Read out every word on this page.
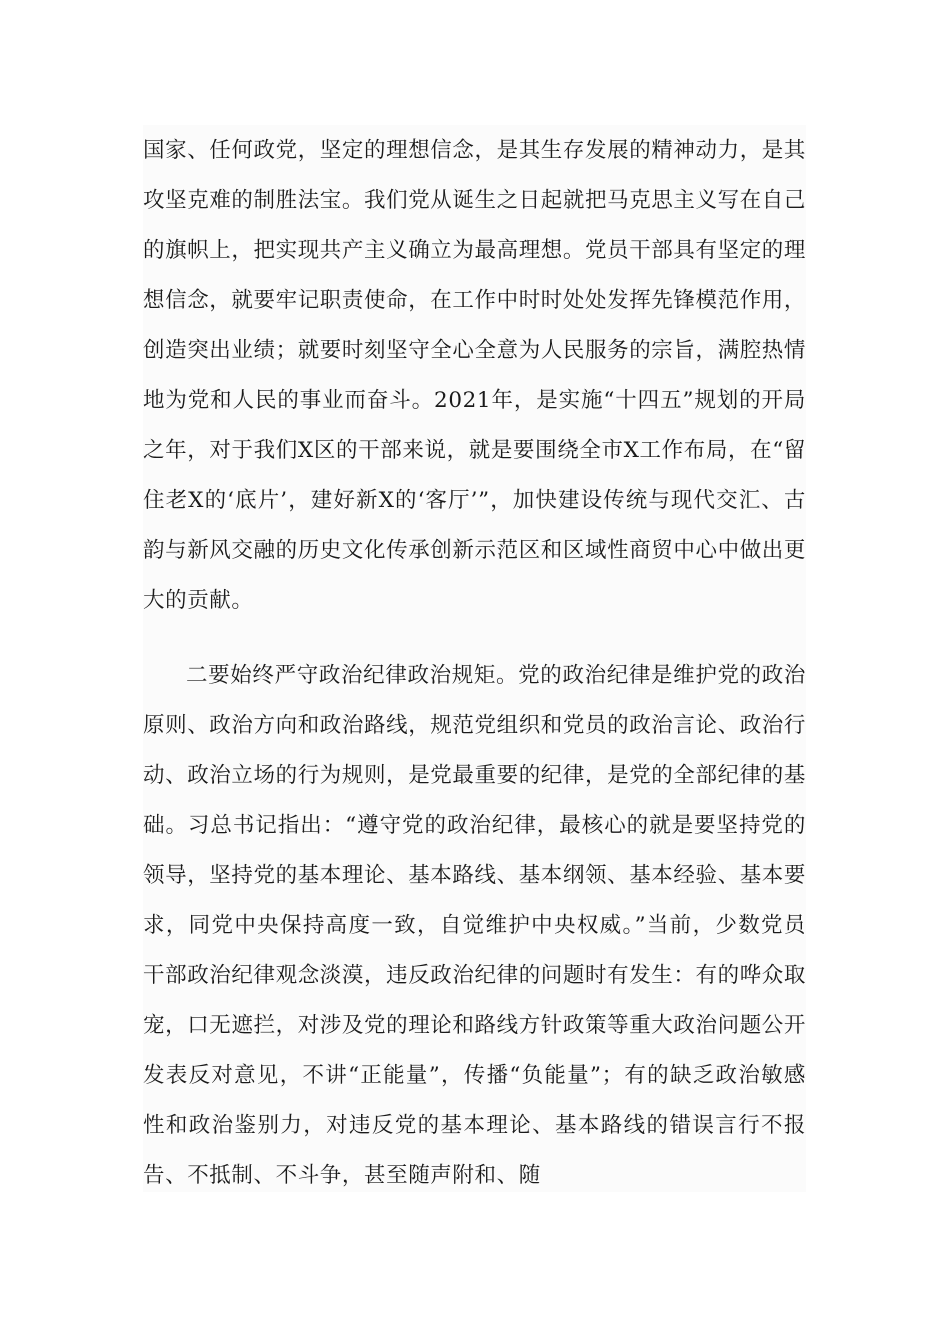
国家、任何政党，坚定的理想信念，是其生存发展的精神动力，是其攻坚克难的制胜法宝。我们党从诞生之日起就把马克思主义写在自己的旗帜上，把实现共产主义确立为最高理想。党员干部具有坚定的理想信念，就要牢记职责使命，在工作中时时处处发挥先锋模范作用，创造突出业绩；就要时刻坚守全心全意为人民服务的宗旨，满腔热情地为党和人民的事业而奋斗。2021年，是实施“十四五”规划的开局之年，对于我们X区的干部来说，就是要围绕全市X工作布局，在“留住老X的‘底片’，建好新X的‘客厅’”，加快建设传统与现代交汇、古韵与新风交融的历史文化传承创新示范区和区域性商贸中心中做出更大的贡献。

二要始终严守政治纪律政治规矩。党的政治纪律是维护党的政治原则、政治方向和政治路线，规范党组织和党员的政治言论、政治行动、政治立场的行为规则，是党最重要的纪律，是党的全部纪律的基础。习总书记指出：“遵守党的政治纪律，最核心的就是要坚持党的领导，坚持党的基本理论、基本路线、基本纲领、基本经验、基本要求，同党中央保持高度一致，自觉维护中央权威。”当前，少数党员干部政治纪律观念淡漠，违反政治纪律的问题时有发生：有的哗众取宠，口无遮拦，对涉及党的理论和路线方针政策等重大政治问题公开发表反对意见，不讲“正能量”，传播“负能量”；有的缺乏政治敏感性和政治鉴别力，对违反党的基本理论、基本路线的错误言行不报告、不抵制、不斗争，甚至随声附和、随
